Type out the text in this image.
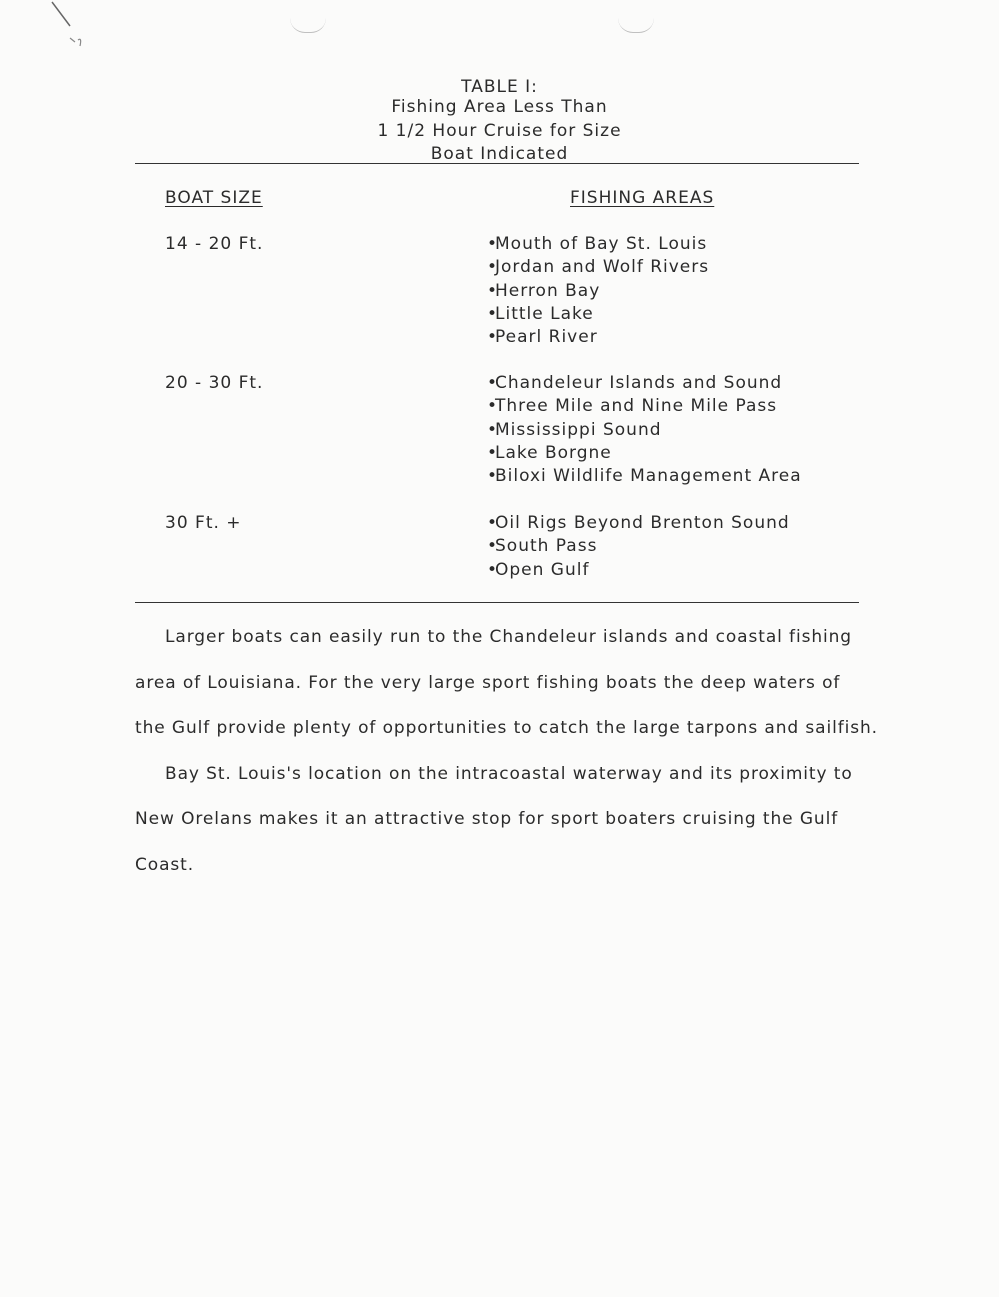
TABLE I:
Fishing Area Less Than
1 1/2 Hour Cruise for Size
Boat Indicated
BOAT SIZE	FISHING AREAS
14 - 20 Ft.	•Mouth of Bay St. Louis
•Jordan and Wolf Rivers
•Herron Bay
•Little Lake
•Pearl River
20 - 30 Ft.	•Chandeleur Islands and Sound
•Three Mile and Nine Mile Pass
•Mississippi Sound
•Lake Borgne
•Biloxi Wildlife Management Area
30 Ft. +	•Oil Rigs Beyond Brenton Sound
•South Pass
•Open Gulf
Larger boats can easily run to the Chandeleur islands and coastal fishing
area of Louisiana. For the very large sport fishing boats the deep waters of
the Gulf provide plenty of opportunities to catch the large tarpons and sailfish.
Bay St. Louis's location on the intracoastal waterway and its proximity to
New Orelans makes it an attractive stop for sport boaters cruising the Gulf
Coast.
